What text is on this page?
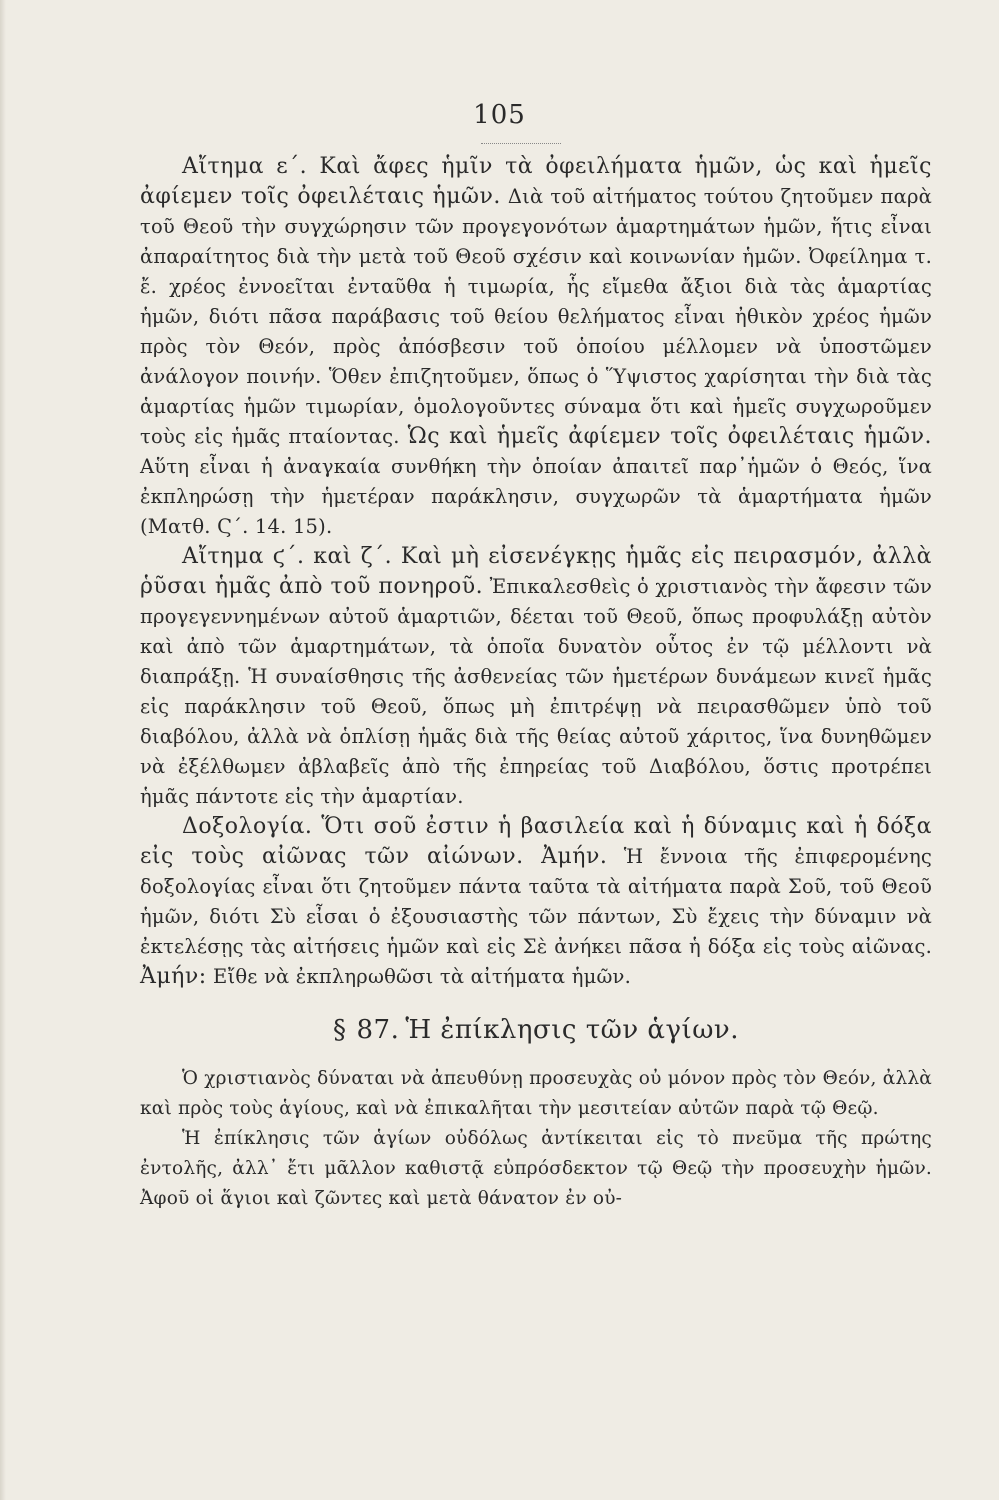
105

Αἴτημα ε΄. Καὶ ἄφες ἡμῖν τὰ ὀφειλήματα ἡμῶν, ὡς καὶ ἡμεῖς ἀφίεμεν τοῖς ὀφειλέταις ἡμῶν. Διὰ τοῦ αἰτήματος τούτου ζητοῦμεν παρὰ τοῦ Θεοῦ τὴν συγχώρησιν τῶν προγεγονότων ἁμαρτημάτων ἡμῶν, ἥτις εἶναι ἀπαραίτητος διὰ τὴν μετὰ τοῦ Θεοῦ σχέσιν καὶ κοινωνίαν ἡμῶν. Ὀφείλημα τ. ἔ. χρέος ἐννοεῖται ἐνταῦθα ἡ τιμωρία, ἧς εἴμεθα ἄξιοι διὰ τὰς ἁμαρτίας ἡμῶν, διότι πᾶσα παράβασις τοῦ θείου θελήματος εἶναι ἠθικὸν χρέος ἡμῶν πρὸς τὸν Θεόν, πρὸς ἀπόσβεσιν τοῦ ὁποίου μέλλομεν νὰ ὑποστῶμεν ἀνάλογον ποινήν. Ὅθεν ἐπιζητοῦμεν, ὅπως ὁ Ὕψιστος χαρίσηται τὴν διὰ τὰς ἁμαρτίας ἡμῶν τιμωρίαν, ὁμολογοῦντες σύναμα ὅτι καὶ ἡμεῖς συγχωροῦμεν τοὺς εἰς ἡμᾶς πταίοντας. Ὡς καὶ ἡμεῖς ἀφίεμεν τοῖς ὀφειλέταις ἡμῶν. Αὕτη εἶναι ἡ ἀναγκαία συνθήκη τὴν ὁποίαν ἀπαιτεῖ παρ᾽ἡμῶν ὁ Θεός, ἵνα ἐκπληρώσῃ τὴν ἡμετέραν παράκλησιν, συγχωρῶν τὰ ἁμαρτήματα ἡμῶν (Ματθ. Ϛ΄. 14. 15).

Αἴτημα ϛ΄. καὶ ζ΄. Καὶ μὴ εἰσενέγκῃς ἡμᾶς εἰς πειρασμόν, ἀλλὰ ῥῦσαι ἡμᾶς ἀπὸ τοῦ πονηροῦ. Ἐπικαλεσθεὶς ὁ χριστιανὸς τὴν ἄφεσιν τῶν προγεγεννημένων αὐτοῦ ἁμαρτιῶν, δέεται τοῦ Θεοῦ, ὅπως προφυλάξῃ αὐτὸν καὶ ἀπὸ τῶν ἁμαρτημάτων, τὰ ὁποῖα δυνατὸν οὗτος ἐν τῷ μέλλοντι νὰ διαπράξῃ. Ἡ συναίσθησις τῆς ἀσθενείας τῶν ἡμετέρων δυνάμεων κινεῖ ἡμᾶς εἰς παράκλησιν τοῦ Θεοῦ, ὅπως μὴ ἐπιτρέψῃ νὰ πειρασθῶμεν ὑπὸ τοῦ διαβόλου, ἀλλὰ νὰ ὁπλίσῃ ἡμᾶς διὰ τῆς θείας αὐτοῦ χάριτος, ἵνα δυνηθῶμεν νὰ ἐξέλθωμεν ἀβλαβεῖς ἀπὸ τῆς ἐπηρείας τοῦ Διαβόλου, ὅστις προτρέπει ἡμᾶς πάντοτε εἰς τὴν ἁμαρτίαν.

Δοξολογία. Ὅτι σοῦ ἐστιν ἡ βασιλεία καὶ ἡ δύναμις καὶ ἡ δόξα εἰς τοὺς αἰῶνας τῶν αἰώνων. Ἀμήν. Ἡ ἔννοια τῆς ἐπιφερομένης δοξολογίας εἶναι ὅτι ζητοῦμεν πάντα ταῦτα τὰ αἰτήματα παρὰ Σοῦ, τοῦ Θεοῦ ἡμῶν, διότι Σὺ εἶσαι ὁ ἐξουσιαστὴς τῶν πάντων, Σὺ ἔχεις τὴν δύναμιν νὰ ἐκτελέσῃς τὰς αἰτήσεις ἡμῶν καὶ εἰς Σὲ ἀνήκει πᾶσα ἡ δόξα εἰς τοὺς αἰῶνας. Ἀμήν: Εἴθε νὰ ἐκπληρωθῶσι τὰ αἰτήματα ἡμῶν.

§ 87. Ἡ ἐπίκλησις τῶν ἁγίων.

Ὁ χριστιανὸς δύναται νὰ ἀπευθύνῃ προσευχὰς οὐ μόνον πρὸς τὸν Θεόν, ἀλλὰ καὶ πρὸς τοὺς ἁγίους, καὶ νὰ ἐπικαλῆται τὴν μεσιτείαν αὐτῶν παρὰ τῷ Θεῷ.

Ἡ ἐπίκλησις τῶν ἁγίων οὐδόλως ἀντίκειται εἰς τὸ πνεῦμα τῆς πρώτης ἐντολῆς, ἀλλ᾽ ἔτι μᾶλλον καθιστᾷ εὐπρόσδεκτον τῷ Θεῷ τὴν προσευχὴν ἡμῶν. Ἀφοῦ οἱ ἅγιοι καὶ ζῶντες καὶ μετὰ θάνατον ἐν οὐ-
